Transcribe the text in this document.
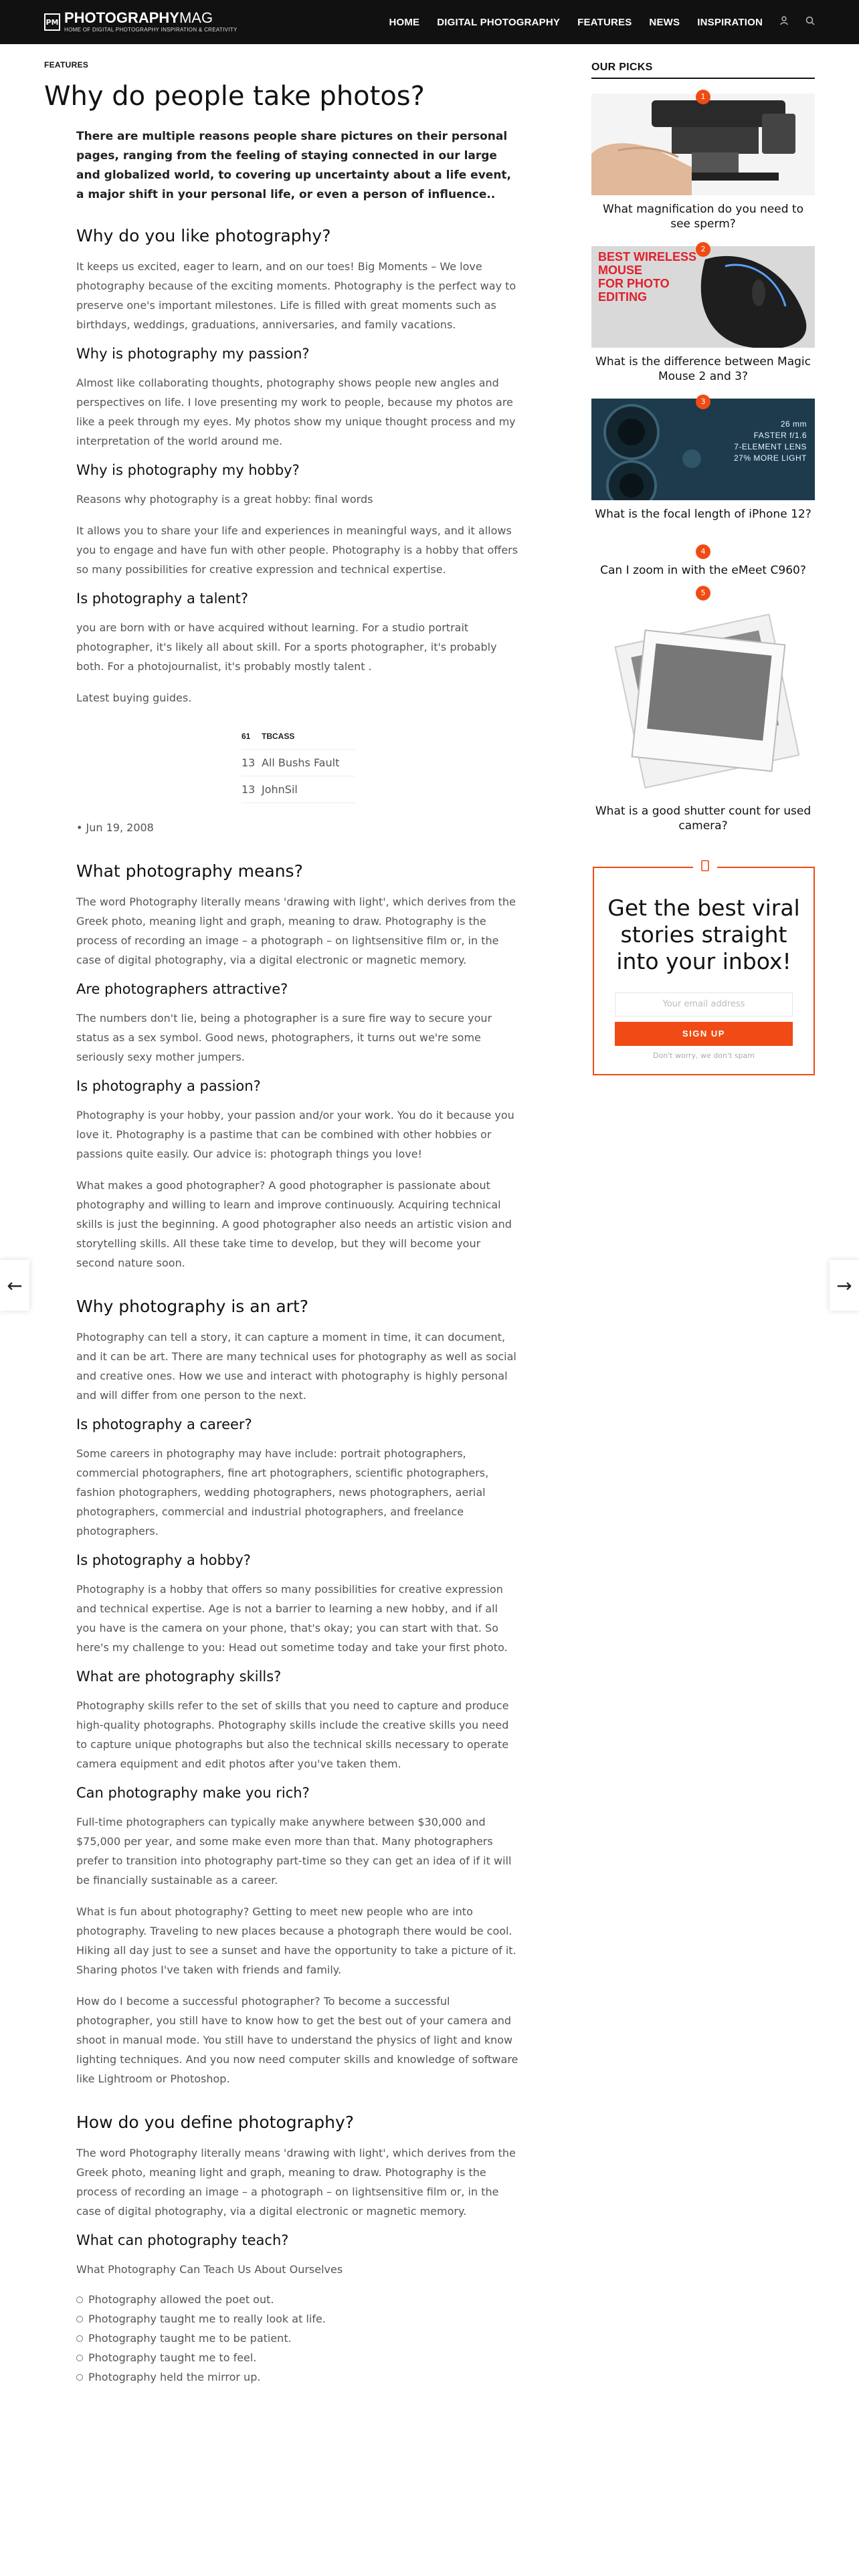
PM PHOTOGRAPHYMAG
HOME OF DIGITAL PHOTOGRAPHY INSPIRATION & CREATIVITY
HOME DIGITAL PHOTOGRAPHY FEATURES NEWS INSPIRATION
FEATURES
Why do people take photos?

There are multiple reasons people share pictures on their personal pages, ranging from the feeling of staying connected in our large and globalized world, to covering up uncertainty about a life event, a major shift in your personal life, or even a person of influence..

Why do you like photography?

It keeps us excited, eager to learn, and on our toes! Big Moments – We love photography because of the exciting moments. Photography is the perfect way to preserve one's important milestones. Life is filled with great moments such as birthdays, weddings, graduations, anniversaries, and family vacations.

Why is photography my passion?

Almost like collaborating thoughts, photography shows people new angles and perspectives on life. I love presenting my work to people, because my photos are like a peek through my eyes. My photos show my unique thought process and my interpretation of the world around me.

Why is photography my hobby?

Reasons why photography is a great hobby: final words

It allows you to share your life and experiences in meaningful ways, and it allows you to engage and have fun with other people. Photography is a hobby that offers so many possibilities for creative expression and technical expertise.

Is photography a talent?

you are born with or have acquired without learning. For a studio portrait photographer, it's likely all about skill. For a sports photographer, it's probably both. For a photojournalist, it's probably mostly talent .

Latest buying guides.

61	TBCASS
13 All Bushs Fault
13 JohnSil

• Jun 19, 2008

What photography means?

The word Photography literally means 'drawing with light', which derives from the Greek photo, meaning light and graph, meaning to draw. Photography is the process of recording an image – a photograph – on lightsensitive film or, in the case of digital photography, via a digital electronic or magnetic memory.

Are photographers attractive?

The numbers don't lie, being a photographer is a sure fire way to secure your status as a sex symbol. Good news, photographers, it turns out we're some seriously sexy mother jumpers.

Is photography a passion?

Photography is your hobby, your passion and/or your work. You do it because you love it. Photography is a pastime that can be combined with other hobbies or passions quite easily. Our advice is: photograph things you love!

What makes a good photographer? A good photographer is passionate about photography and willing to learn and improve continuously. Acquiring technical skills is just the beginning. A good photographer also needs an artistic vision and storytelling skills. All these take time to develop, but they will become your second nature soon.

Why photography is an art?

Photography can tell a story, it can capture a moment in time, it can document, and it can be art. There are many technical uses for photography as well as social and creative ones. How we use and interact with photography is highly personal and will differ from one person to the next.

Is photography a career?

Some careers in photography may have include: portrait photographers, commercial photographers, fine art photographers, scientific photographers, fashion photographers, wedding photographers, news photographers, aerial photographers, commercial and industrial photographers, and freelance photographers.

Is photography a hobby?

Photography is a hobby that offers so many possibilities for creative expression and technical expertise. Age is not a barrier to learning a new hobby, and if all you have is the camera on your phone, that's okay; you can start with that. So here's my challenge to you: Head out sometime today and take your first photo.

What are photography skills?

Photography skills refer to the set of skills that you need to capture and produce high-quality photographs. Photography skills include the creative skills you need to capture unique photographs but also the technical skills necessary to operate camera equipment and edit photos after you've taken them.

Can photography make you rich?

Full-time photographers can typically make anywhere between $30,000 and $75,000 per year, and some make even more than that. Many photographers prefer to transition into photography part-time so they can get an idea of if it will be financially sustainable as a career.

What is fun about photography? Getting to meet new people who are into photography. Traveling to new places because a photograph there would be cool. Hiking all day just to see a sunset and have the opportunity to take a picture of it. Sharing photos I've taken with friends and family.

How do I become a successful photographer? To become a successful photographer, you still have to know how to get the best out of your camera and shoot in manual mode. You still have to understand the physics of light and know lighting techniques. And you now need computer skills and knowledge of software like Lightroom or Photoshop.

How do you define photography?

The word Photography literally means 'drawing with light', which derives from the Greek photo, meaning light and graph, meaning to draw. Photography is the process of recording an image – a photograph – on lightsensitive film or, in the case of digital photography, via a digital electronic or magnetic memory.

What can photography teach?

What Photography Can Teach Us About Ourselves

Photography allowed the poet out.
Photography taught me to really look at life.
Photography taught me to be patient.
Photography taught me to feel.
Photography held the mirror up.
OUR PICKS
1
What magnification do you need to see sperm?
2
BEST WIRELESS
MOUSE
FOR PHOTO
EDITING
What is the difference between Magic Mouse 2 and 3?
3
26 mm
FASTER f/1.6
7-ELEMENT LENS
27% MORE LIGHT
What is the focal length of iPhone 12?
4
Can I zoom in with the eMeet C960?
5
What is a good shutter count for used camera?
Get the best viral stories straight into your inbox!
Your email address
SIGN UP
Don't worry, we don't spam
←	→
